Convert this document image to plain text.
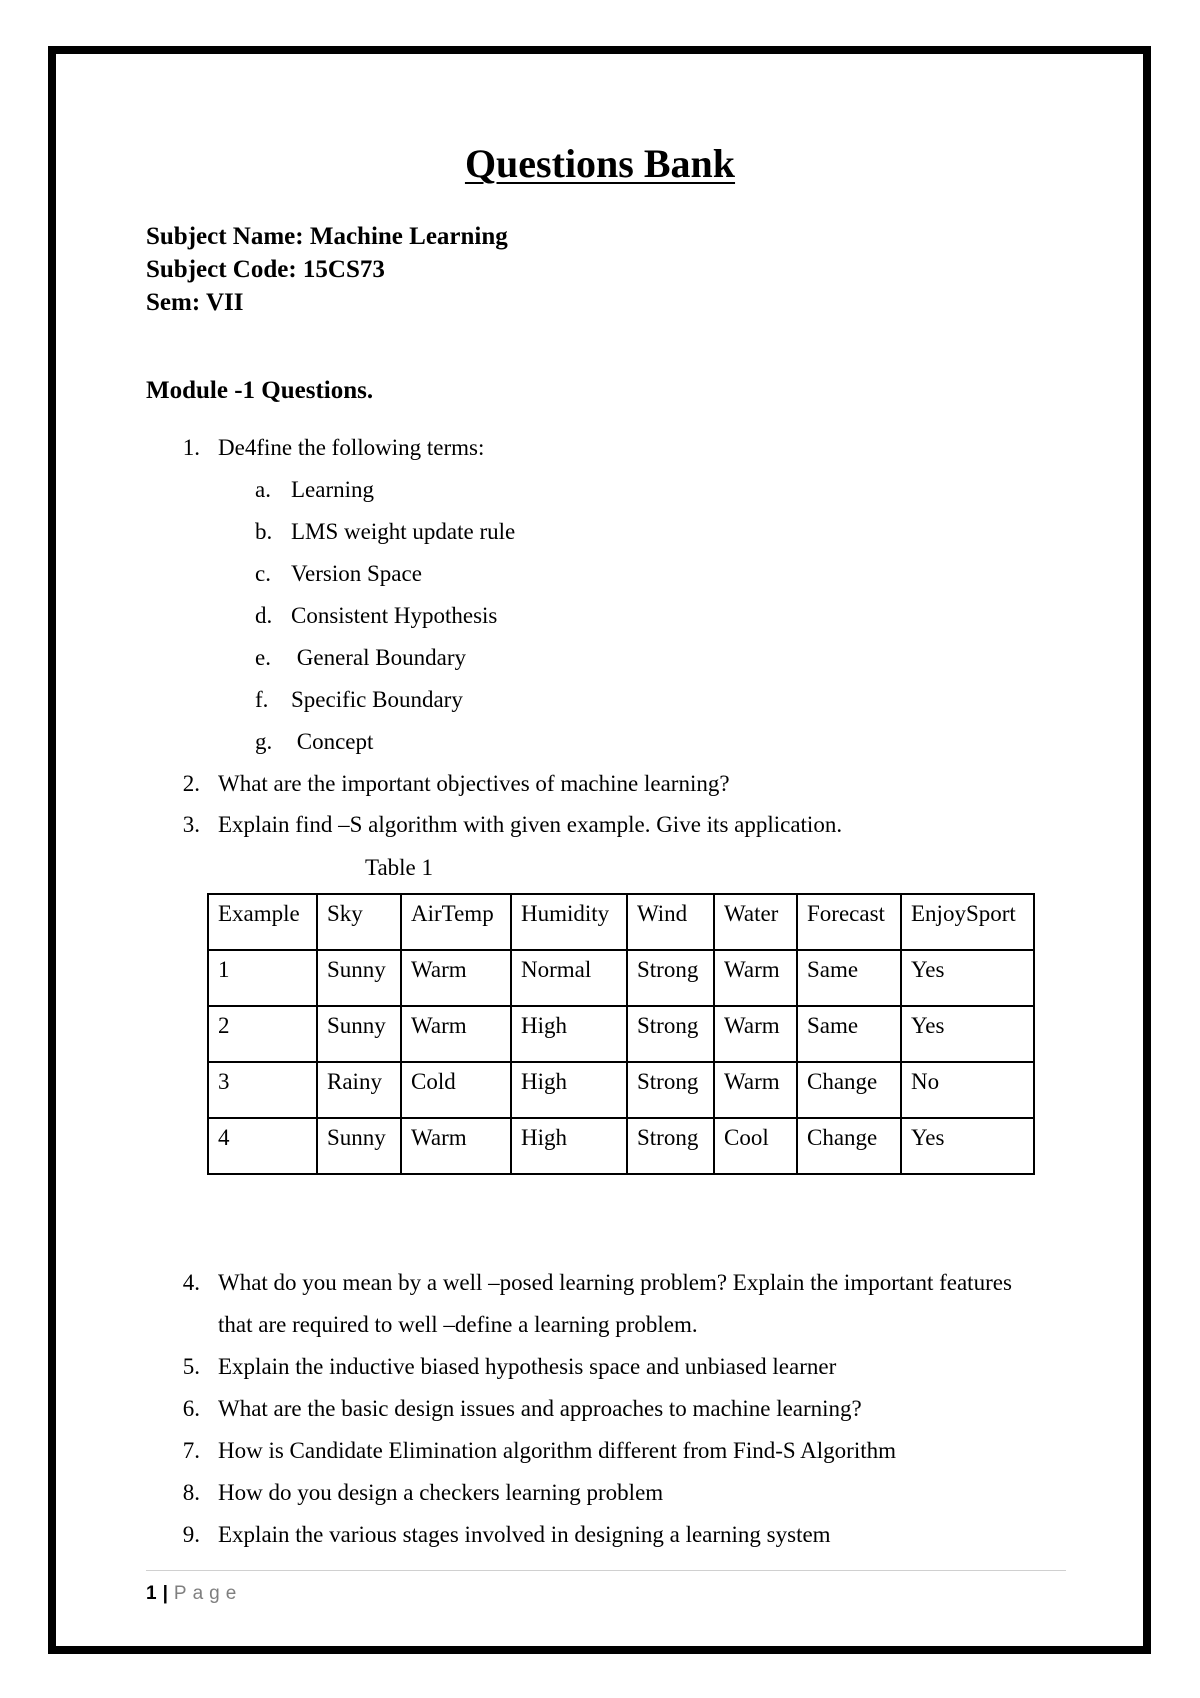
Questions Bank
Subject Name: Machine Learning
Subject Code: 15CS73
Sem: VII
Module -1 Questions.
1. De4fine the following terms:
a. Learning
b. LMS weight update rule
c. Version Space
d. Consistent Hypothesis
e. General Boundary
f. Specific Boundary
g. Concept
2. What are the important objectives of machine learning?
3. Explain find –S algorithm with given example. Give its application.
Table 1
Example	Sky	AirTemp	Humidity	Wind	Water	Forecast	EnjoySport
1	Sunny	Warm	Normal	Strong	Warm	Same	Yes
2	Sunny	Warm	High	Strong	Warm	Same	Yes
3	Rainy	Cold	High	Strong	Warm	Change	No
4	Sunny	Warm	High	Strong	Cool	Change	Yes
4. What do you mean by a well –posed learning problem? Explain the important features
that are required to well –define a learning problem.
5. Explain the inductive biased hypothesis space and unbiased learner
6. What are the basic design issues and approaches to machine learning?
7. How is Candidate Elimination algorithm different from Find-S Algorithm
8. How do you design a checkers learning problem
9. Explain the various stages involved in designing a learning system
1 | Page
